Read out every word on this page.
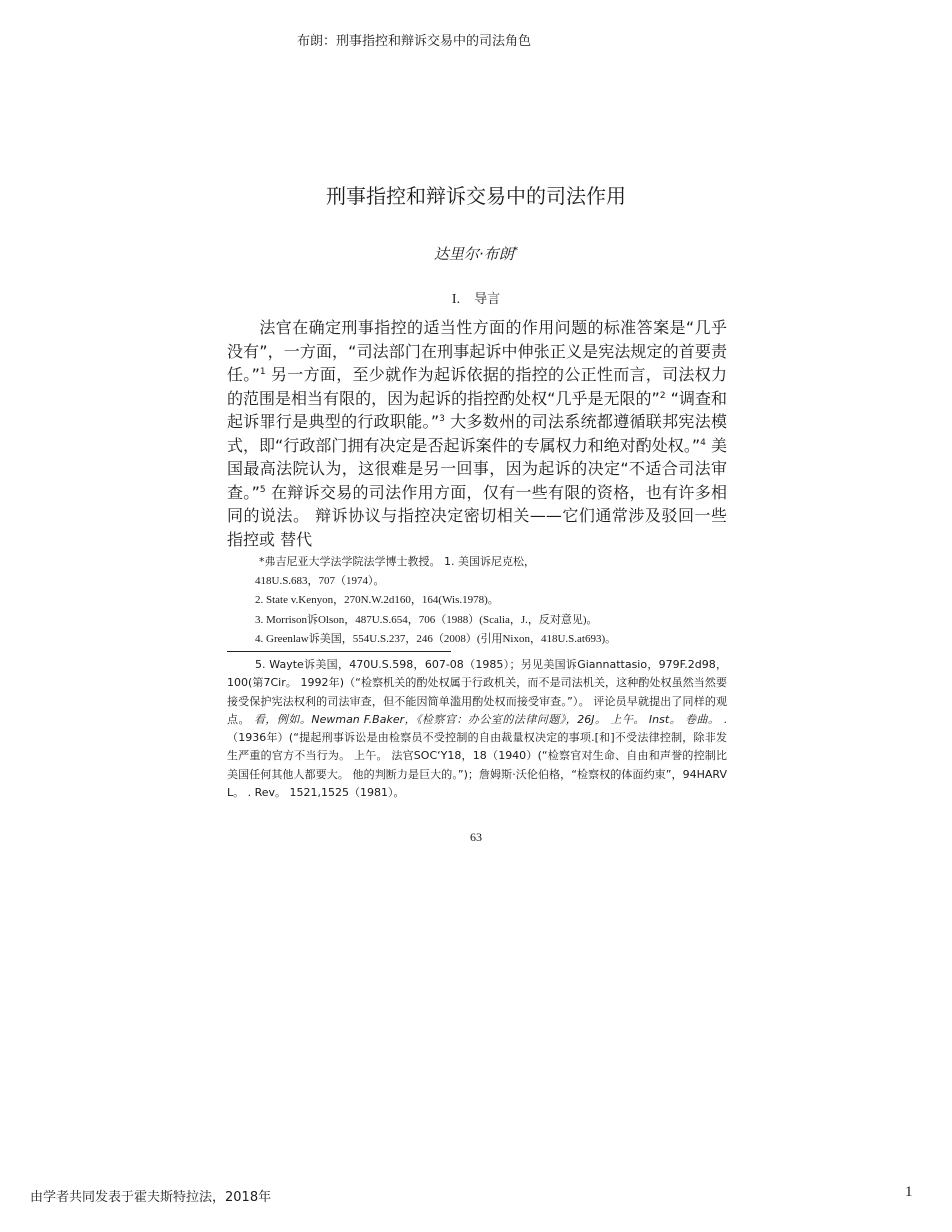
布朗：刑事指控和辩诉交易中的司法角色
刑事指控和辩诉交易中的司法作用
达里尔·布朗*
I. 导言
法官在确定刑事指控的适当性方面的作用问题的标准答案是“几乎没有”，一方面，“司法部门在刑事起诉中伸张正义是宪法规定的首要责任。”$^1$ 另一方面，至少就作为起诉依据的指控的公正性而言，司法权力的范围是相当有限的，因为起诉的指控酌处权“几乎是无限的”$^2$ “调查和起诉罪行是典型的行政职能。”$^3$ 大多数州的司法系统都遵循联邦宪法模式，即“行政部门拥有决定是否起诉案件的专属权力和绝对酌处权。”$^4$ 美国最高法院认为，这很难是另一回事，因为起诉的决定“不适合司法审查。”$^5$ 在辩诉交易的司法作用方面，仅有一些有限的资格，也有许多相同的说法。 辩诉协议与指控决定密切相关——它们通常涉及驳回一些指控或 替代
*弗吉尼亚大学法学院法学博士教授。 1. 美国诉尼克松，
418U.S.683，707（1974）。
2. State v.Kenyon，270N.W.2d160，164(Wis.1978)。
3. Morrison诉Olson，487U.S.654，706（1988）(Scalia，J.，反对意见)。
4. Greenlaw诉美国，554U.S.237，246（2008）(引用Nixon，418U.S.at693)。
5. Wayte诉美国，470U.S.598，607-08（1985）；另见美国诉Giannattasio，979F.2d98，100(第7Cir。 1992年)（“检察机关的酌处权属于行政机关，而不是司法机关，这种酌处权虽然当然要接受保护宪法权利的司法审查，但不能因简单滥用酌处权而接受审查。”）。 评论员早就提出了同样的观点。 看，例如。Newman F.Baker，《检察官：办公室的法律问题》，26J。 上午。 Inst。 卷曲。 . （1936年）(“提起刑事诉讼是由检察员不受控制的自由裁量权决定的事项.[和]不受法律控制，除非发生严重的官方不当行为。 上午。 法官SOC‘Y18，18（1940）(“检察官对生命、自由和声誉的控制比美国任何其他人都要大。 他的判断力是巨大的。”)；詹姆斯·沃伦伯格，“检察权的体面约束”，94HARVL。 . Rev。 1521,1525（1981）。
63
由学者共同发表于霍夫斯特拉法，2018年	1
